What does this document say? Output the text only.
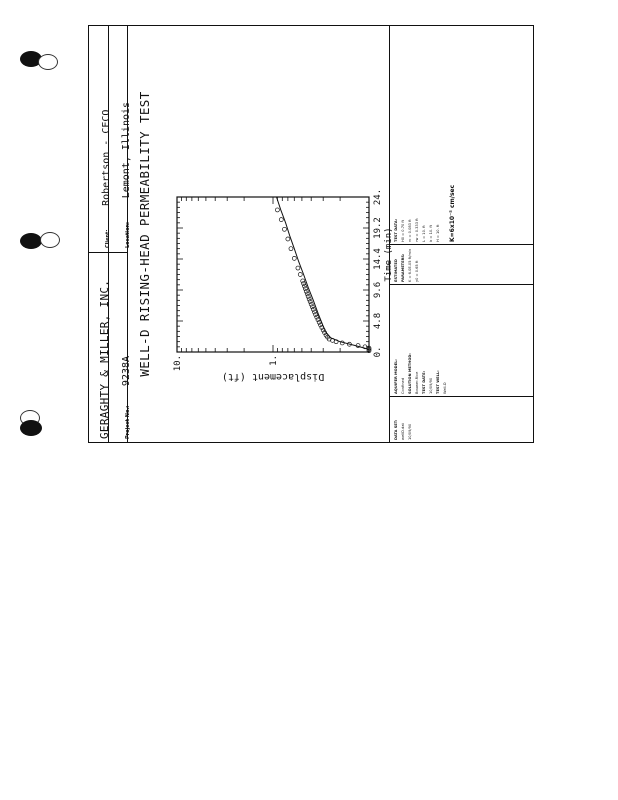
GERAGHTY & MILLER, INC.
Client: Robertson - CECO
Project No.: 9238A
Location: Lemont, Illinois WELL-D RISING-HEAD PERMEABILITY TEST	0.
4.8
9.6
14.4
19.2
24.
1.
10.
Displacement (ft)
Time (min)
DATA SET: wellD.dat 10/09/90
AQUIFER MODEL: Confined SOLUTION METHOD: Bouwer-Rice TEST DATE: 10/09/90 TEST WELL: Well-D
ESTIMATED PARAMETERS: K = 6.0E-05 ft/min y0 = 0.65 ft
TEST DATA: H0 = 0.70 ft rc = 0.083 ft rw = 0.333 ft L = 10. ft b = 10. ft H = 10. ft	K=6x10⁻⁵ cm/sec
